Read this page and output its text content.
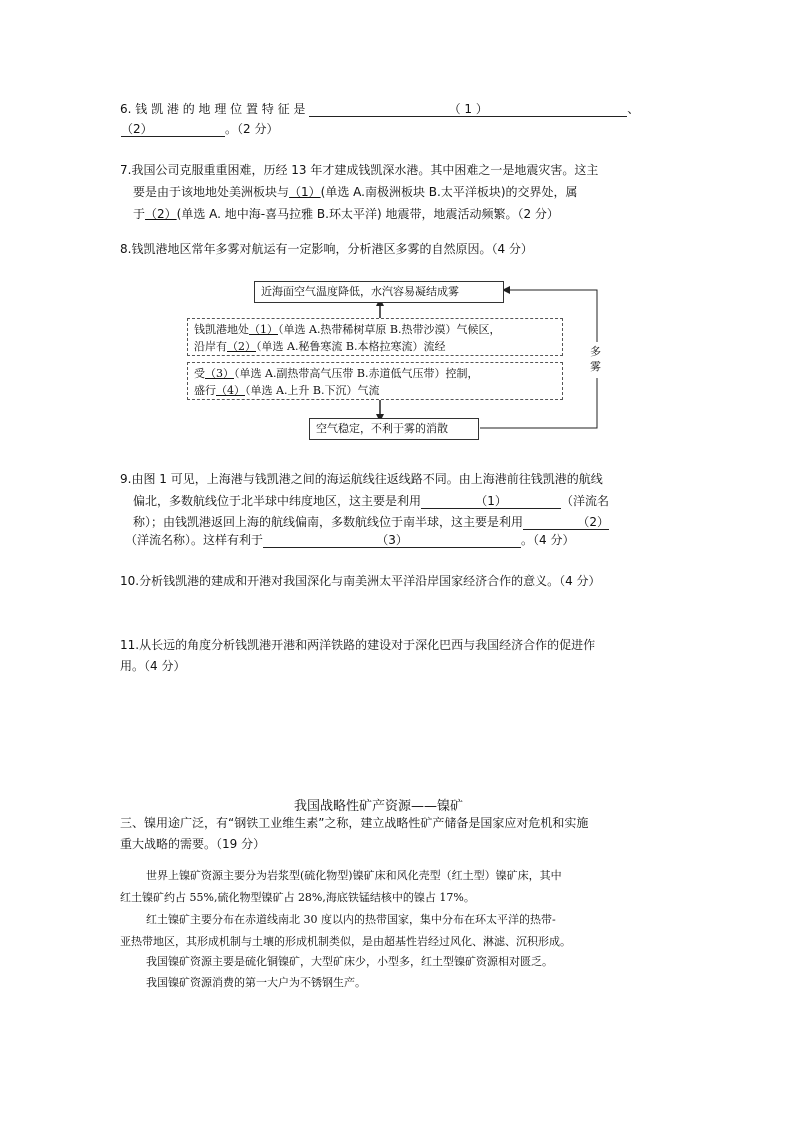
6. 钱 凯 港 的 地 理 位 置 特 征 是	（ 1 ）	、
（2）	。（2 分）
7.我国公司克服重重困难，历经 13 年才建成钱凯深水港。其中困难之一是地震灾害。这主
要是由于该地地处美洲板块与（1）(单选 A.南极洲板块 B.太平洋板块)的交界处，属
于（2）(单选 A. 地中海-喜马拉雅 B.环太平洋) 地震带，地震活动频繁。（2 分）
8.钱凯港地区常年多雾对航运有一定影响，分析港区多雾的自然原因。（4 分）
近海面空气温度降低，水汽容易凝结成雾
钱凯港地处（1）（单选 A.热带稀树草原 B.热带沙漠）气候区，
沿岸有（2）（单选 A.秘鲁寒流 B.本格拉寒流）流经
受（3）（单选 A.副热带高气压带 B.赤道低气压带）控制，
盛行（4）（单选 A.上升 B.下沉）气流
空气稳定，不利于雾的消散
多
雾
9.由图 1 可见，上海港与钱凯港之间的海运航线往返线路不同。由上海港前往钱凯港的航线
偏北，多数航线位于北半球中纬度地区，这主要是利用	（1）	（洋流名
称）；由钱凯港返回上海的航线偏南，多数航线位于南半球，这主要是利用	（2）
（洋流名称）。这样有利于	（3）	。（4 分）
10.分析钱凯港的建成和开港对我国深化与南美洲太平洋沿岸国家经济合作的意义。（4 分）
11.从长远的角度分析钱凯港开港和两洋铁路的建设对于深化巴西与我国经济合作的促进作
用。（4 分）
我国战略性矿产资源——镍矿
三、镍用途广泛，有“钢铁工业维生素”之称，建立战略性矿产储备是国家应对危机和实施
重大战略的需要。（19 分）
世界上镍矿资源主要分为岩浆型(硫化物型)镍矿床和风化壳型（红土型）镍矿床，其中
红土镍矿约占 55%,硫化物型镍矿占 28%,海底铁锰结核中的镍占 17%。
红土镍矿主要分布在赤道线南北 30 度以内的热带国家，集中分布在环太平洋的热带-
亚热带地区，其形成机制与土壤的形成机制类似，是由超基性岩经过风化、淋滤、沉积形成。
我国镍矿资源主要是硫化铜镍矿，大型矿床少，小型多，红土型镍矿资源相对匮乏。
我国镍矿资源消费的第一大户为不锈钢生产。
